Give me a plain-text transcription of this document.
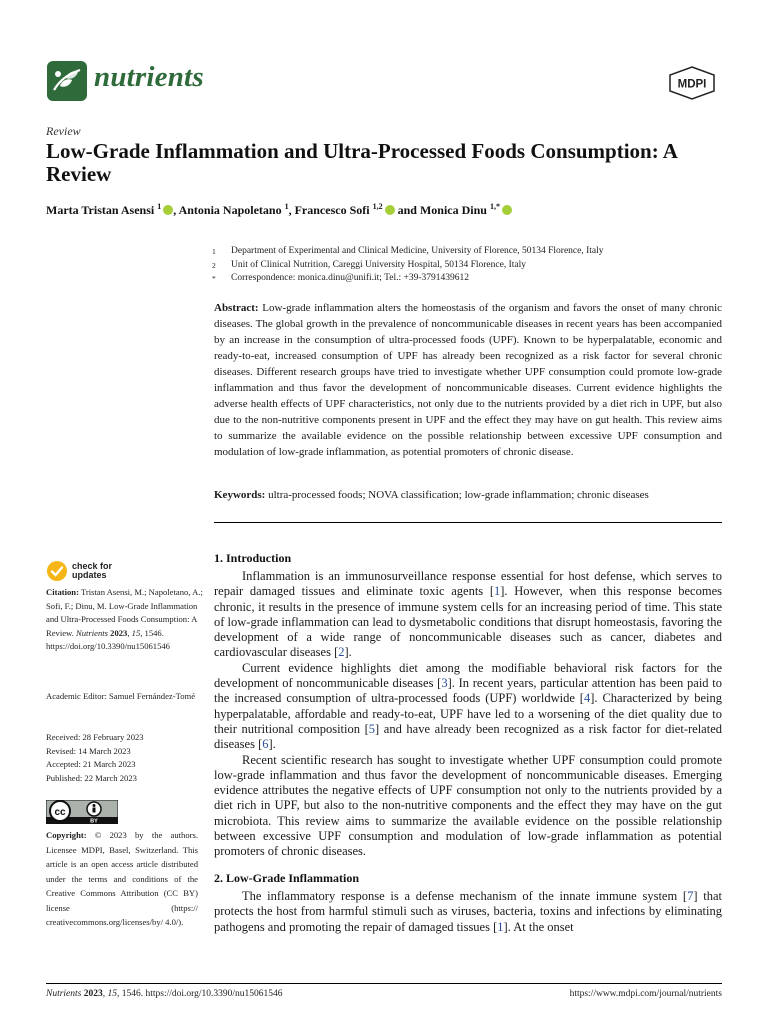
nutrients	MDPI
Review
Low-Grade Inflammation and Ultra-Processed Foods Consumption: A Review
Marta Tristan Asensi $^1$ , Antonia Napoletano $^1$, Francesco Sofi $^{1,2}$ and Monica Dinu $^{1,*}$
1	Department of Experimental and Clinical Medicine, University of Florence, 50134 Florence, Italy
2	Unit of Clinical Nutrition, Careggi University Hospital, 50134 Florence, Italy
*	Correspondence: monica.dinu@unifi.it; Tel.: +39-3791439612
Abstract: Low-grade inflammation alters the homeostasis of the organism and favors the onset of many chronic diseases. The global growth in the prevalence of noncommunicable diseases in recent years has been accompanied by an increase in the consumption of ultra-processed foods (UPF). Known to be hyperpalatable, economic and ready-to-eat, increased consumption of UPF has already been recognized as a risk factor for several chronic diseases. Different research groups have tried to investigate whether UPF consumption could promote low-grade inflammation and thus favor the development of noncommunicable diseases. Current evidence highlights the adverse health effects of UPF characteristics, not only due to the nutrients provided by a diet rich in UPF, but also due to the non-nutritive components present in UPF and the effect they may have on gut health. This review aims to summarize the available evidence on the possible relationship between excessive UPF consumption and modulation of low-grade inflammation, as potential promoters of chronic disease.
Keywords: ultra-processed foods; NOVA classification; low-grade inflammation; chronic diseases
check for
updates
Citation: Tristan Asensi, M.; Napoletano, A.; Sofi, F.; Dinu, M. Low-Grade Inflammation and Ultra-Processed Foods Consumption: A Review. Nutrients 2023, 15, 1546. https://doi.org/10.3390/nu15061546
Academic Editor: Samuel Fernández-Tomé
Received: 28 February 2023
Revised: 14 March 2023
Accepted: 21 March 2023
Published: 22 March 2023
cc
BY
Copyright: © 2023 by the authors. Licensee MDPI, Basel, Switzerland. This article is an open access article distributed under the terms and conditions of the Creative Commons Attribution (CC BY) license (https:// creativecommons.org/licenses/by/ 4.0/).
1. Introduction

Inflammation is an immunosurveillance response essential for host defense, which serves to repair damaged tissues and eliminate toxic agents [1]. However, when this response becomes chronic, it results in the presence of immune system cells for an increasing period of time. This state of low-grade inflammation can lead to dysmetabolic conditions that disrupt homeostasis, favoring the development of a wide range of noncommunicable diseases such as cancer, diabetes and cardiovascular diseases [2].

Current evidence highlights diet among the modifiable behavioral risk factors for the development of noncommunicable diseases [3]. In recent years, particular attention has been paid to the increased consumption of ultra-processed foods (UPF) worldwide [4]. Characterized by being hyperpalatable, affordable and ready-to-eat, UPF have led to a worsening of the diet quality due to their nutritional composition [5] and have already been recognized as a risk factor for diet-related diseases [6].

Recent scientific research has sought to investigate whether UPF consumption could promote low-grade inflammation and thus favor the development of noncommunicable diseases. Emerging evidence attributes the negative effects of UPF consumption not only to the nutrients provided by a diet rich in UPF, but also to the non-nutritive components and the effect they may have on the gut microbiota. This review aims to summarize the available evidence on the possible relationship between excessive UPF consumption and modulation of low-grade inflammation as potential promoters of chronic diseases.

2. Low-Grade Inflammation

The inflammatory response is a defense mechanism of the innate immune system [7] that protects the host from harmful stimuli such as viruses, bacteria, toxins and infections by eliminating pathogens and promoting the repair of damaged tissues [1]. At the onset

Nutrients 2023, 15, 1546. https://doi.org/10.3390/nu15061546	https://www.mdpi.com/journal/nutrients
